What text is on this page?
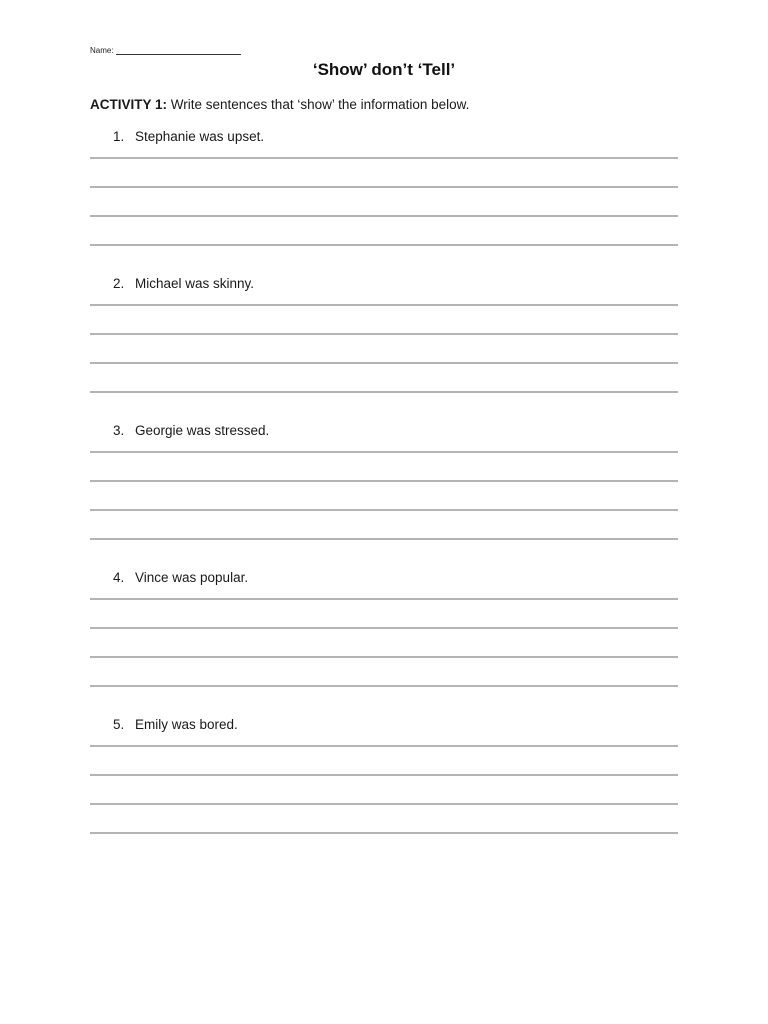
Name:
‘Show’ don’t ‘Tell’
ACTIVITY 1: Write sentences that ‘show’ the information below.
1. Stephanie was upset.
2. Michael was skinny.
3. Georgie was stressed.
4. Vince was popular.
5. Emily was bored.
